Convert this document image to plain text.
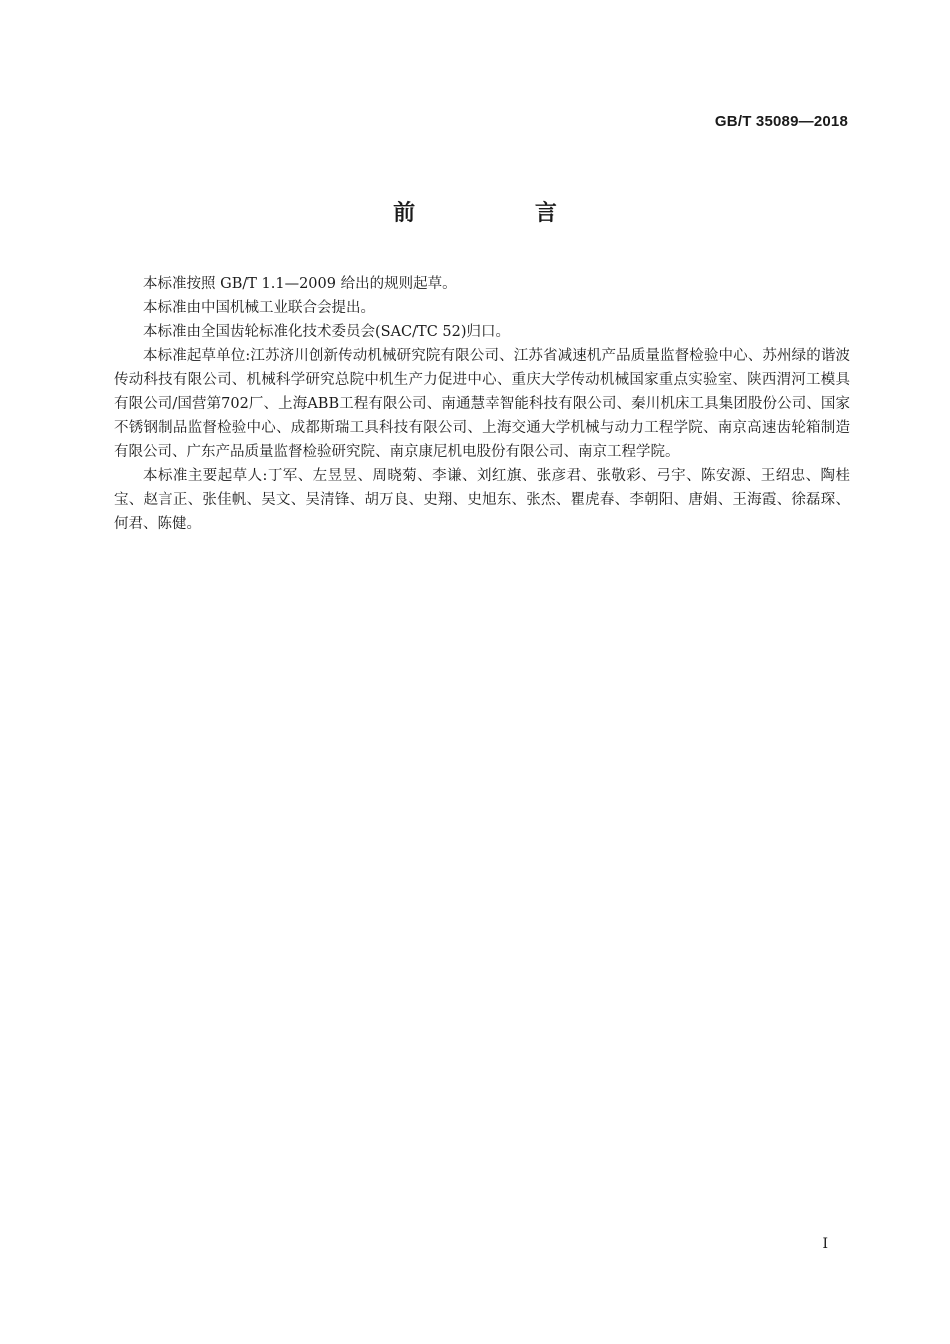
GB/T 35089—2018
前 言

本标准按照 GB/T 1.1—2009 给出的规则起草。

本标准由中国机械工业联合会提出。

本标准由全国齿轮标准化技术委员会(SAC/TC 52)归口。

本标准起草单位:江苏济川创新传动机械研究院有限公司、江苏省减速机产品质量监督检验中心、苏州绿的谐波传动科技有限公司、机械科学研究总院中机生产力促进中心、重庆大学传动机械国家重点实验室、陕西渭河工模具有限公司/国营第702厂、上海ABB工程有限公司、南通慧幸智能科技有限公司、秦川机床工具集团股份公司、国家不锈钢制品监督检验中心、成都斯瑞工具科技有限公司、上海交通大学机械与动力工程学院、南京高速齿轮箱制造有限公司、广东产品质量监督检验研究院、南京康尼机电股份有限公司、南京工程学院。

本标准主要起草人:丁军、左昱昱、周晓菊、李谦、刘红旗、张彦君、张敬彩、弓宇、陈安源、王绍忠、陶桂宝、赵言正、张佳帆、吴文、吴清锋、胡万良、史翔、史旭东、张杰、瞿虎春、李朝阳、唐娟、王海霞、徐磊琛、何君、陈健。

I
